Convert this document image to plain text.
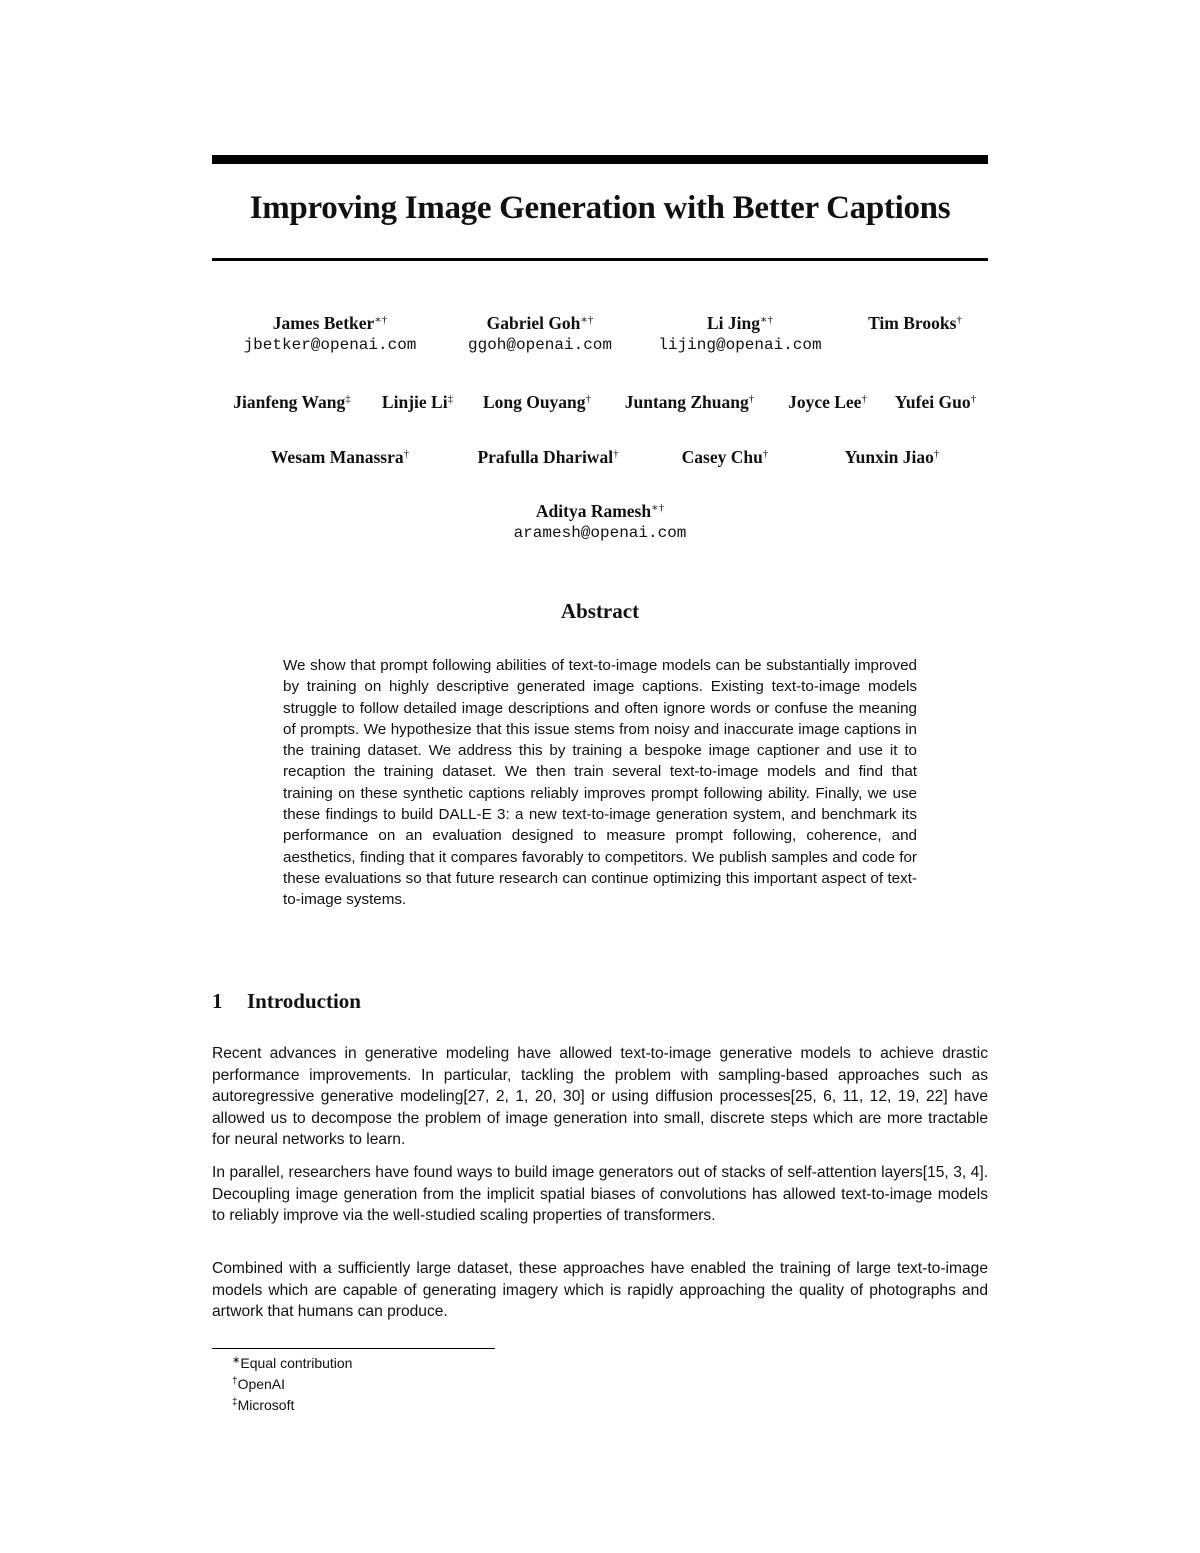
Improving Image Generation with Better Captions
James Betker∗†
jbetker@openai.com
Gabriel Goh∗†
ggoh@openai.com
Li Jing∗†
lijing@openai.com
Tim Brooks†
Jianfeng Wang‡	Linjie Li‡	Long Ouyang†	Juntang Zhuang†	Joyce Lee†	Yufei Guo†
Wesam Manassra†	Prafulla Dhariwal†	Casey Chu†	Yunxin Jiao†
Aditya Ramesh∗†
aramesh@openai.com
Abstract
We show that prompt following abilities of text-to-image models can be substantially improved by training on highly descriptive generated image captions. Existing text-to-image models struggle to follow detailed image descriptions and often ignore words or confuse the meaning of prompts. We hypothesize that this issue stems from noisy and inaccurate image captions in the training dataset. We address this by training a bespoke image captioner and use it to recaption the training dataset. We then train several text-to-image models and find that training on these synthetic captions reliably improves prompt following ability. Finally, we use these findings to build DALL-E 3: a new text-to-image generation system, and benchmark its performance on an evaluation designed to measure prompt following, coherence, and aesthetics, finding that it compares favorably to competitors. We publish samples and code for these evaluations so that future research can continue optimizing this important aspect of text-to-image systems.
1 Introduction

Recent advances in generative modeling have allowed text-to-image generative models to achieve drastic performance improvements. In particular, tackling the problem with sampling-based approaches such as autoregressive generative modeling[27, 2, 1, 20, 30] or using diffusion processes[25, 6, 11, 12, 19, 22] have allowed us to decompose the problem of image generation into small, discrete steps which are more tractable for neural networks to learn.

In parallel, researchers have found ways to build image generators out of stacks of self-attention layers[15, 3, 4]. Decoupling image generation from the implicit spatial biases of convolutions has allowed text-to-image models to reliably improve via the well-studied scaling properties of transformers.

Combined with a sufficiently large dataset, these approaches have enabled the training of large text-to-image models which are capable of generating imagery which is rapidly approaching the quality of photographs and artwork that humans can produce.

∗Equal contribution
†OpenAI
‡Microsoft
